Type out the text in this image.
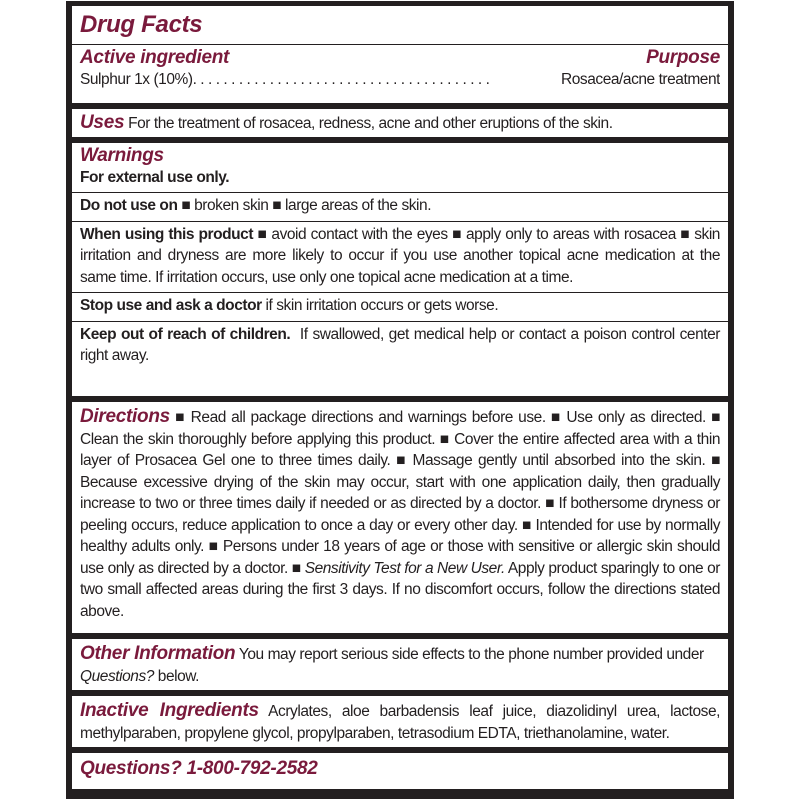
Drug Facts
Active ingredient	Purpose
Sulphur 1x (10%). . . . . . . . . . . . . . . . . . . . . . . . . . . . . . . . . . . . . . .	Rosacea/acne treatment
Uses For the treatment of rosacea, redness, acne and other eruptions of the skin.
Warnings
For external use only.

Do not use on ■ broken skin ■ large areas of the skin.

When using this product ■ avoid contact with the eyes ■ apply only to areas with rosacea ■ skin irritation and dryness are more likely to occur if you use another topical acne medication at the same time. If irritation occurs, use only one topical acne medication at a time.

Stop use and ask a doctor if skin irritation occurs or gets worse.

Keep out of reach of children. If swallowed, get medical help or contact a poison control center right away.

Directions ■ Read all package directions and warnings before use. ■ Use only as directed. ■ Clean the skin thoroughly before applying this product. ■ Cover the entire affected area with a thin layer of Prosacea Gel one to three times daily. ■ Massage gently until absorbed into the skin. ■ Because excessive drying of the skin may occur, start with one application daily, then gradually increase to two or three times daily if needed or as directed by a doctor. ■ If bothersome dryness or peeling occurs, reduce application to once a day or every other day. ■ Intended for use by normally healthy adults only. ■ Persons under 18 years of age or those with sensitive or allergic skin should use only as directed by a doctor. ■ Sensitivity Test for a New User. Apply product sparingly to one or two small affected areas during the first 3 days. If no discomfort occurs, follow the directions stated above.

Other Information You may report serious side effects to the phone number provided under Questions? below.

Inactive Ingredients Acrylates, aloe barbadensis leaf juice, diazolidinyl urea, lactose, methylparaben, propylene glycol, propylparaben, tetrasodium EDTA, triethanolamine, water.

Questions? 1-800-792-2582
